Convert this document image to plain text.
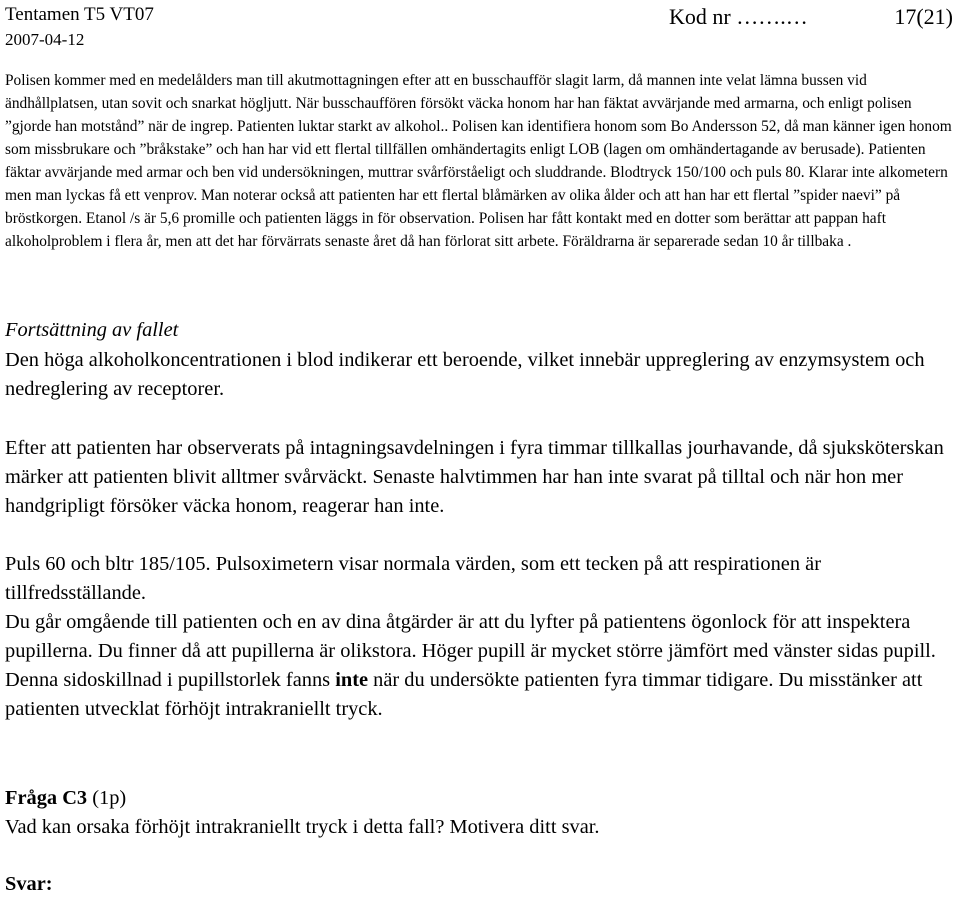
Tentamen T5 VT07
2007-04-12
Kod nr …….…	17(21)

Polisen kommer med en medelålders man till akutmottagningen efter att en busschaufför slagit larm, då mannen inte velat lämna bussen vid ändhållplatsen, utan sovit och snarkat högljutt. När busschauffören försökt väcka honom har han fäktat avvärjande med armarna, och enligt polisen ”gjorde han motstånd” när de ingrep. Patienten luktar starkt av alkohol.. Polisen kan identifiera honom som Bo Andersson 52, då man känner igen honom som missbrukare och ”bråkstake” och han har vid ett flertal tillfällen omhändertagits enligt LOB (lagen om omhändertagande av berusade). Patienten fäktar avvärjande med armar och ben vid undersökningen, muttrar svårförståeligt och sluddrande. Blodtryck 150/100 och puls 80. Klarar inte alkometern men man lyckas få ett venprov. Man noterar också att patienten har ett flertal blåmärken av olika ålder och att han har ett flertal ”spider naevi” på bröstkorgen. Etanol /s är 5,6 promille och patienten läggs in för observation. Polisen har fått kontakt med en dotter som berättar att pappan haft alkoholproblem i flera år, men att det har förvärrats senaste året då han förlorat sitt arbete. Föräldrarna är separerade sedan 10 år tillbaka .

Fortsättning av fallet

Den höga alkoholkoncentrationen i blod indikerar ett beroende, vilket innebär uppreglering av enzymsystem och nedreglering av receptorer.

Efter att patienten har observerats på intagningsavdelningen i fyra timmar tillkallas jourhavande, då sjuksköterskan märker att patienten blivit alltmer svårväckt. Senaste halvtimmen har han inte svarat på tilltal och när hon mer handgripligt försöker väcka honom, reagerar han inte.

Puls 60 och bltr 185/105. Pulsoximetern visar normala värden, som ett tecken på att respirationen är tillfredsställande.

Du går omgående till patienten och en av dina åtgärder är att du lyfter på patientens ögonlock för att inspektera pupillerna. Du finner då att pupillerna är olikstora. Höger pupill är mycket större jämfört med vänster sidas pupill. Denna sidoskillnad i pupillstorlek fanns inte när du undersökte patienten fyra timmar tidigare. Du misstänker att patienten utvecklat förhöjt intrakraniellt tryck.

Fråga C3 (1p)

Vad kan orsaka förhöjt intrakraniellt tryck i detta fall? Motivera ditt svar.

Svar:
